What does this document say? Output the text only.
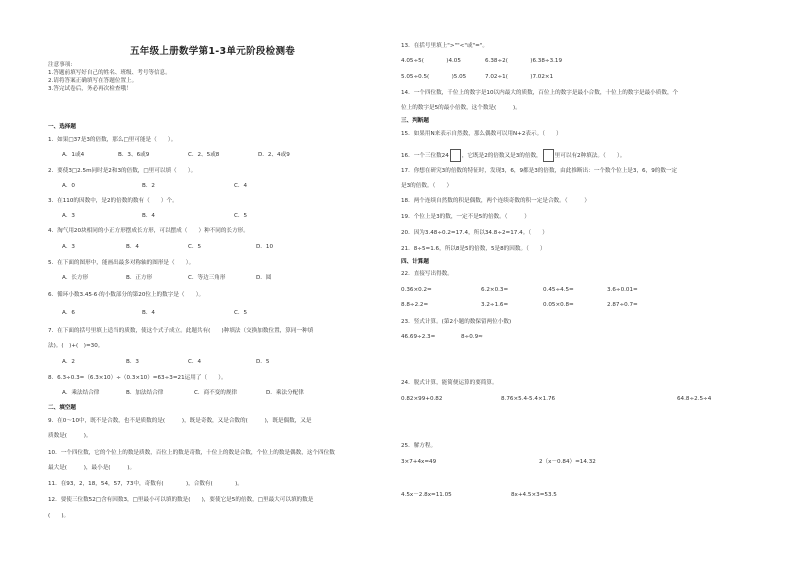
五年级上册数学第1-3单元阶段检测卷
注意事项:
1.答题前填写好自己的姓名、班级、考号等信息。
2.请将答案正确填写在答题位置上。
3.答完试卷后，务必再次检查哦！
一、选择题
1．如果□37是3的倍数，那么□里可能是（　　）。
A．1或4	B．3、6或9	C．2、5或8	D．2、4或9
2．要使3□2.5m同时是2和3的倍数，□里可以填（　　）。
A．0	B．2	C．4
3．在110的因数中，是2的倍数的数有（　　）个。
A．3	B．4	C．5
4．淘气用20块相同的小正方形摆成长方形，可以摆成（　　）种不同的长方形。
A．3	B．4	C．5	D．10
5．在下面的图形中，能画出最多对称轴的图形是（　　）。
A．长方形	B．正方形	C．等边三角形	D．圆
6．循环小数3.45·6·的小数部分的第20位上的数字是（　　）。
A．6	B．4	C．5
7．在下面的括号里填上适当的质数，使这个式子成立。此题共有(　　)种填法（交换加数位置，算同一种填
法)。(　)+(　)=30。
A．2	B．3	C．4	D．5
8．6.3÷0.3=（6.3×10）÷（0.3×10）=63÷3=21运用了（　　）。
A．乘法结合律	B．加法结合律	C．商不变的规律	D．乘法分配律
二、填空题
9．在0～10中，既不是合数，也不是质数的是(　　　)，既是奇数，又是合数的(　　　)，既是偶数，又是
质数是(　　　)。
10．一个四位数，它的个位上的数是质数，百位上的数是奇数，十位上的数是合数，个位上的数是偶数，这个四位数
最大是(　　　)，最小是(　　　)。
11．在93，2，18，54，57，73中，奇数有(　　　　)，合数有(　　　　)。
12．要使三位数52□含有因数3，□里最小可以填的数是(　　)，要使它是5的倍数，□里最大可以填的数是
(　　)。
13．在括号里填上">""<"或"="。
4.05÷5(　　　　)4.05	6.38÷2(　　　　)6.38÷3.19
5.05÷0.5(　　　　)5.05	7.02÷1(　　　　)7.02×1
14．一个四位数，千位上的数字是10以内最大的质数，百位上的数字是最小合数，十位上的数字是最小质数，个
位上的数字是5的最小倍数，这个数是(　　　)。
三、判断题
15．如果用N来表示自然数，那么偶数可以用N+2表示。（　　）
16．一个三位数24 ，它既是2的倍数又是3的倍数， 里可以有2种填法。（　　）。
17．你想在研究3的倍数的特征时，发现3，6，9都是3的倍数，由此推断出：一个数个位上是3，6，9的数一定
是3的倍数。（　　）
18．两个连续自然数的积是偶数，两个连续奇数的积一定是合数。（　　　）
19．个位上是3的数，一定不是5的倍数。（　　　）
20．因为3.48÷0.2=17.4，所以34.8÷2=17.4。（　　）
21．8÷5=1.6，所以8是5的倍数，5是8的因数。（　　）
四、计算题
22．直接写出得数。
0.36×0.2=	6.2×0.3=	0.45÷4.5=	3.6÷0.01=
8.8÷2.2=	3.2÷1.6=	0.05×0.8=	2.87÷0.7=
23．竖式计算。(第2小题的数保留两位小数)
46.69÷2.3=	8÷0.9≈
24．脱式计算，能简便运算的要简算。
0.82×99+0.82	8.76×5.4-5.4×1.76	64.8÷2.5÷4
25．解方程。
3×7+4x=49	2（x－0.84）=14.32
4.5x－2.8x=11.05	8x+4.5×3=53.5
